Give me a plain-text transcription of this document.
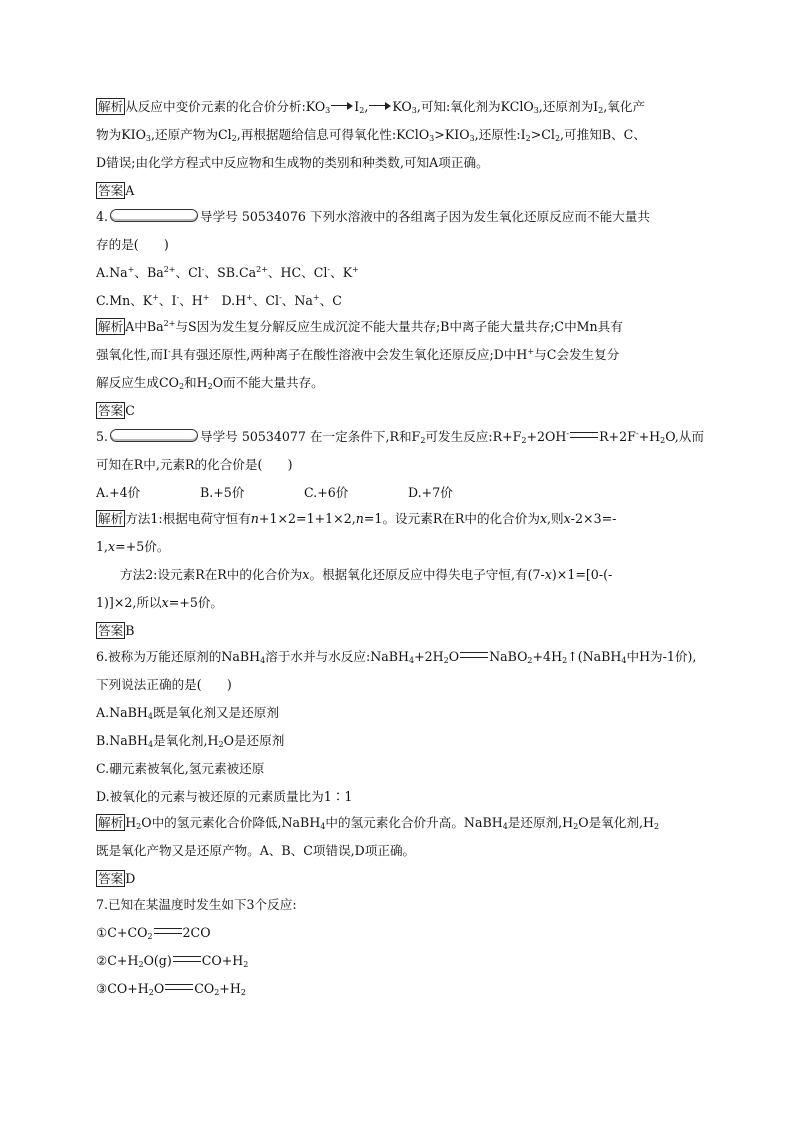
解析 从反应中变价元素的化合价分析$:KO_3$ $I_2$, $KO_3$,可知:氧化剂为KClO$_3$,还原剂为$I_2$,氧化产
物为$KIO_3$,还原产物为$Cl_2$,再根据题给信息可得氧化性$:KClO_3>KIO_3$,还原性$:I_2>Cl_2$,可推知B、C、
D错误;由化学方程式中反应物和生成物的类别和种类数,可知A项正确。
答案 A
4.	导学号 50534076 下列水溶液中的各组离子因为发生氧化还原反应而不能大量共
存的是(　　)
A.Na+、$Ba^{2+}$、Cl-、$SB.Ca^{2+}$、HC、Cl-、K+
C.Mn、K+、I-、H+ D.H+、Cl-、Na+、C
解析 A中$Ba^{2+}$与S因为发生复分解反应生成沉淀不能大量共存;B中离子能大量共存;C中Mn具有
强氧化性,而I-具有强还原性,两种离子在酸性溶液中会发生氧化还原反应;D中H+与C会发生复分
解反应生成$CO_2$和$H_2O$而不能大量共存。
答案 C
5.	导学号 50534077 在一定条件下,R和$F_2$可发生反应$:R+F_2+2OH^-$ $R+2F^-+H_2O$,从而
可知在R中,元素R的化合价是(　　)
A.+4价	B.+5价	C.+6价	D.+7价
解析 方法1:根据电荷守恒有n+1×2=1+1×2,n=1。设元素R在R中的化合价为x,则x-2×3=-
1,x=+5价。
方法2:设元素R在R中的化合价为x。根据氧化还原反应中得失电子守恒,有(7-x)×1=[0-(-
1)]×2,所以x=+5价。
答案 B
6.被称为万能还原剂的NaBH$_4$溶于水并与水反应$:NaBH_4+2H_2O$ $NaBO_2+4H_2↑(NaBH_4$中H为-1价),
下列说法正确的是(　　)
A.NaBH$_4$既是氧化剂又是还原剂
B.NaBH$_4$是氧化剂$,H_2O$是还原剂
C.硼元素被氧化,氢元素被还原
D.被氧化的元素与被还原的元素质量比为1∶1
解析 $H_2O$中的氢元素化合价降低,NaBH$_4$中的氢元素化合价升高。NaBH$_4$是还原剂$,H_2O$是氧化剂$,H_2$
既是氧化产物又是还原产物。A、B、C项错误,D项正确。
答案 D
7.已知在某温度时发生如下3个反应:
$①C+CO_2$ 2CO
$②C+H_2O(g)$ $CO+H_2$
$③CO+H_2O$ $CO_2+H_2$
